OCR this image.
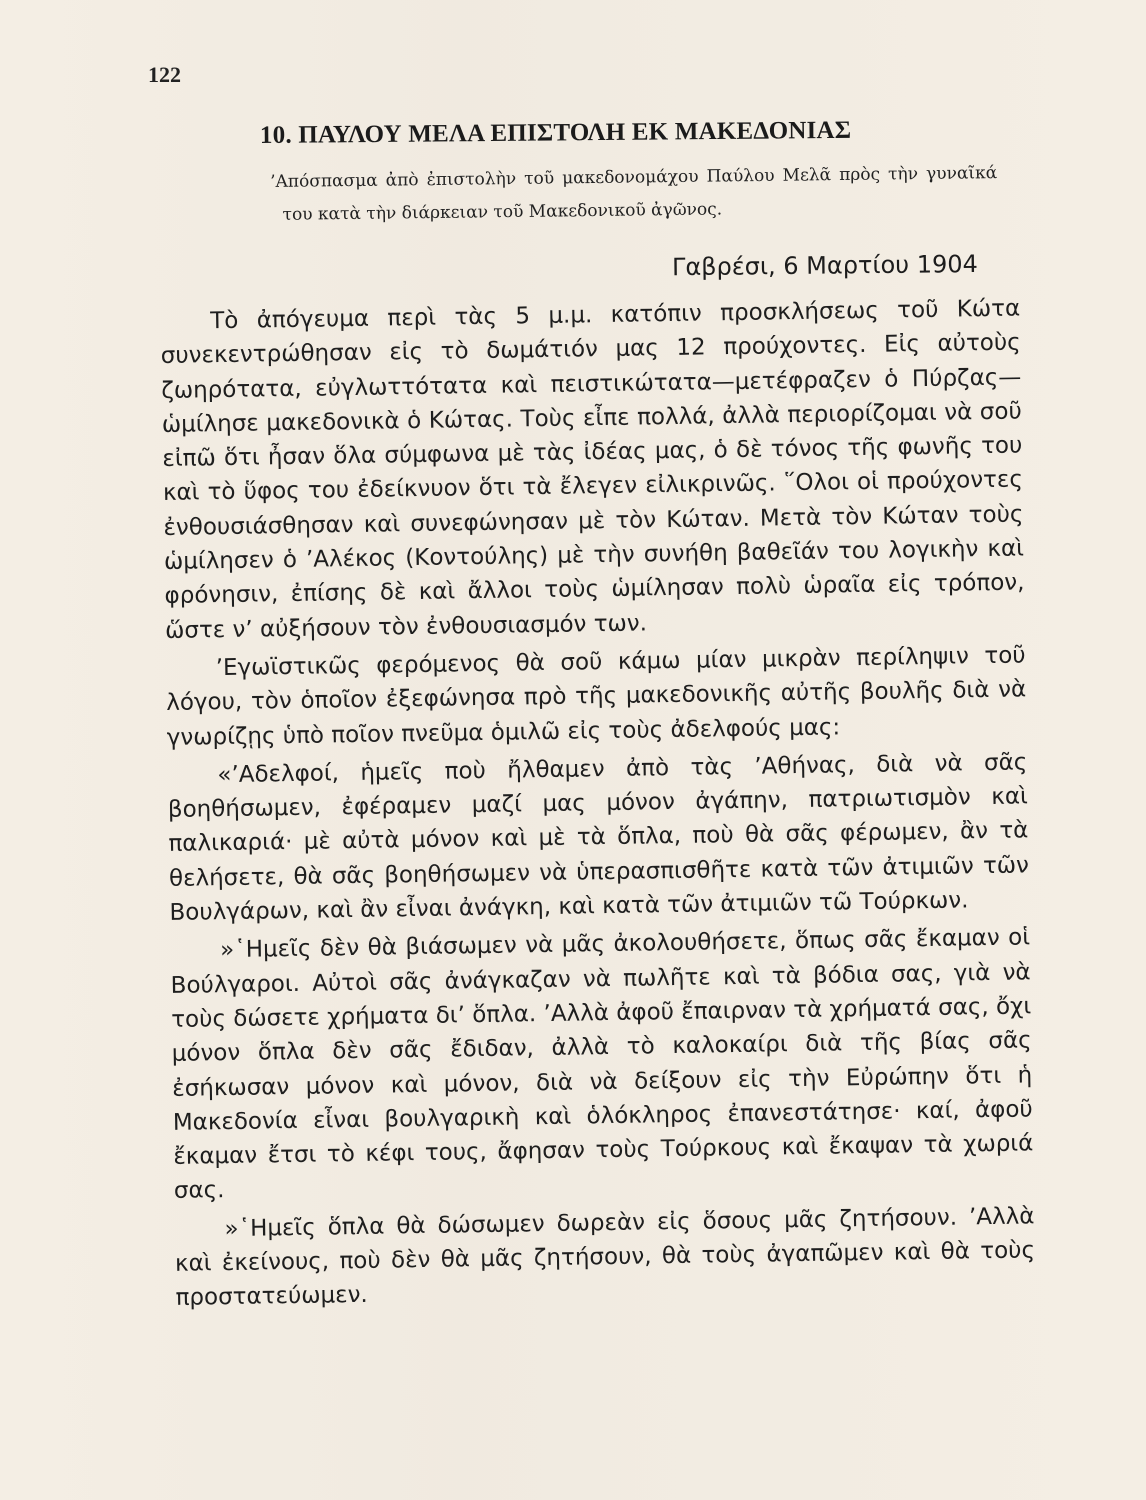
122
10. ΠΑΥΛΟΥ ΜΕΛΑ ΕΠΙΣΤΟΛΗ ΕΚ ΜΑΚΕΔΟΝΙΑΣ
’Απόσπασμα ἀπὸ ἐπιστολὴν τοῦ μακεδονομάχου Παύλου Μελᾶ πρὸς τὴν γυναῖκά του κατὰ τὴν διάρκειαν τοῦ Μακεδονικοῦ ἀγῶνος.
Γαβρέσι, 6 Μαρτίου 1904

Τὸ ἀπόγευμα περὶ τὰς 5 μ.μ. κατόπιν προσκλήσεως τοῦ Κώτα συνεκεντρώθησαν εἰς τὸ δωμάτιόν μας 12 προύχοντες. Εἰς αὐτοὺς ζωηρότατα, εὐγλωττότατα καὶ πειστικώτατα—μετέφραζεν ὁ Πύρζας—ὡμίλησε μακεδονικὰ ὁ Κώτας. Τοὺς εἶπε πολλά, ἀλλὰ περιορίζομαι νὰ σοῦ εἰπῶ ὅτι ἦσαν ὅλα σύμφωνα μὲ τὰς ἰδέας μας, ὁ δὲ τόνος τῆς φωνῆς του καὶ τὸ ὕφος του ἐδείκνυον ὅτι τὰ ἔλεγεν εἰλικρινῶς. ῞Ολοι οἱ προύχοντες ἐνθουσιάσθησαν καὶ συνεφώνησαν μὲ τὸν Κώταν. Μετὰ τὸν Κώταν τοὺς ὡμίλησεν ὁ ’Αλέκος (Κοντούλης) μὲ τὴν συνήθη βαθεῖάν του λογικὴν καὶ φρόνησιν, ἐπίσης δὲ καὶ ἄλλοι τοὺς ὡμίλησαν πολὺ ὡραῖα εἰς τρόπον, ὥστε ν’ αὐξήσουν τὸν ἐνθουσιασμόν των.

’Εγωϊστικῶς φερόμενος θὰ σοῦ κάμω μίαν μικρὰν περίληψιν τοῦ λόγου, τὸν ὁποῖον ἐξεφώνησα πρὸ τῆς μακεδονικῆς αὐτῆς βουλῆς διὰ νὰ γνωρίζῃς ὑπὸ ποῖον πνεῦμα ὁμιλῶ εἰς τοὺς ἀδελφούς μας:

«’Αδελφοί, ἡμεῖς ποὺ ἤλθαμεν ἀπὸ τὰς ’Αθήνας, διὰ νὰ σᾶς βοηθήσωμεν, ἐφέραμεν μαζί μας μόνον ἀγάπην, πατριωτισμὸν καὶ παλικαριά· μὲ αὐτὰ μόνον καὶ μὲ τὰ ὅπλα, ποὺ θὰ σᾶς φέρωμεν, ἂν τὰ θελήσετε, θὰ σᾶς βοηθήσωμεν νὰ ὑπερασπισθῆτε κατὰ τῶν ἀτιμιῶν τῶν Βουλγάρων, καὶ ἂν εἶναι ἀνάγκη, καὶ κατὰ τῶν ἀτιμιῶν τῶ Τούρκων.

»῾Ημεῖς δὲν θὰ βιάσωμεν νὰ μᾶς ἀκολουθήσετε, ὅπως σᾶς ἔκαμαν οἱ Βούλγαροι. Αὐτοὶ σᾶς ἀνάγκαζαν νὰ πωλῆτε καὶ τὰ βόδια σας, γιὰ νὰ τοὺς δώσετε χρήματα δι’ ὅπλα. ’Αλλὰ ἀφοῦ ἔπαιρναν τὰ χρήματά σας, ὄχι μόνον ὅπλα δὲν σᾶς ἔδιδαν, ἀλλὰ τὸ καλοκαίρι διὰ τῆς βίας σᾶς ἐσήκωσαν μόνον καὶ μόνον, διὰ νὰ δείξουν εἰς τὴν Εὐρώπην ὅτι ἡ Μακεδονία εἶναι βουλγαρικὴ καὶ ὁλόκληρος ἐπανεστάτησε· καί, ἀφοῦ ἔκαμαν ἔτσι τὸ κέφι τους, ἄφησαν τοὺς Τούρκους καὶ ἔκαψαν τὰ χωριά σας.

»῾Ημεῖς ὅπλα θὰ δώσωμεν δωρεὰν εἰς ὅσους μᾶς ζητήσουν. ’Αλλὰ καὶ ἐκείνους, ποὺ δὲν θὰ μᾶς ζητήσουν, θὰ τοὺς ἀγαπῶμεν καὶ θὰ τοὺς προστατεύωμεν.
